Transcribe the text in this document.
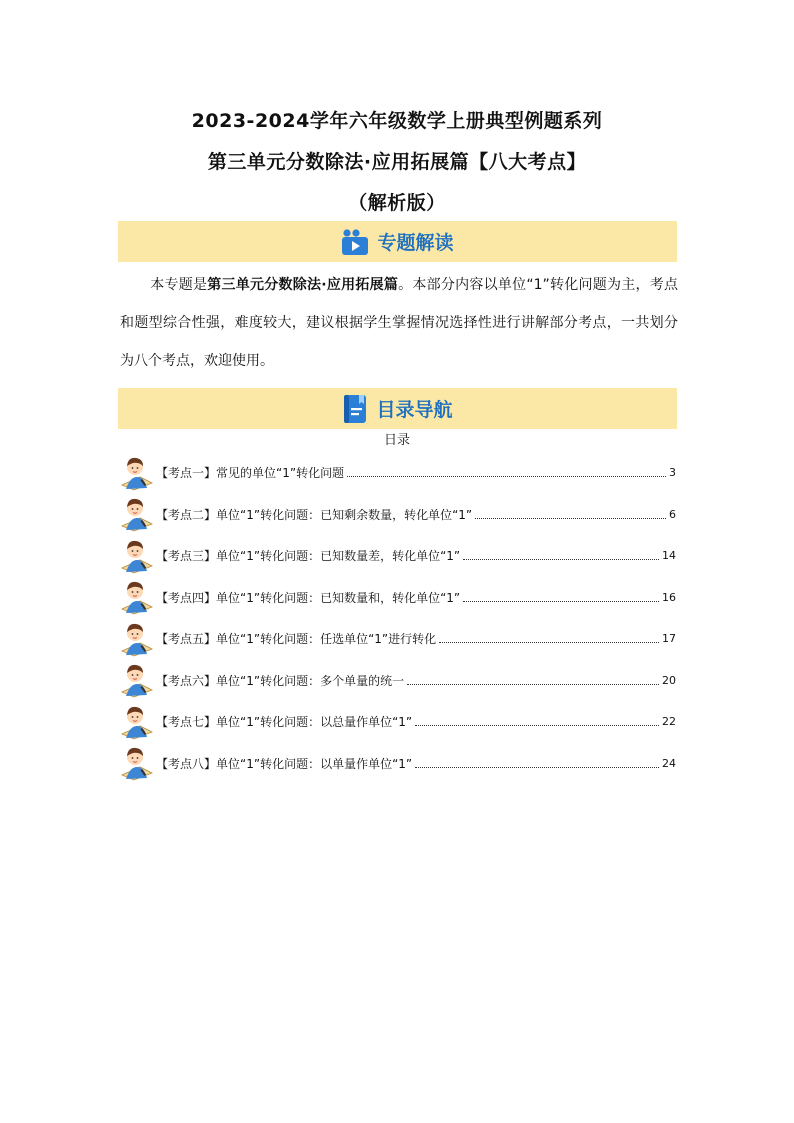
2023-2024学年六年级数学上册典型例题系列
第三单元分数除法·应用拓展篇【八大考点】
（解析版）
专题解读
本专题是第三单元分数除法·应用拓展篇。本部分内容以单位“1”转化问题为主，考点和题型综合性强，难度较大，建议根据学生掌握情况选择性进行讲解部分考点，一共划分为八个考点，欢迎使用。
目录导航
日录
【考点一】常见的单位“1”转化问题	3
【考点二】单位“1”转化问题：已知剩余数量，转化单位“1”	6
【考点三】单位“1”转化问题：已知数量差，转化单位“1”	14
【考点四】单位“1”转化问题：已知数量和，转化单位“1”	16
【考点五】单位“1”转化问题：任选单位“1”进行转化	17
【考点六】单位“1”转化问题：多个单量的统一	20
【考点七】单位“1”转化问题：以总量作单位“1”	22
【考点八】单位“1”转化问题：以单量作单位“1”	24
